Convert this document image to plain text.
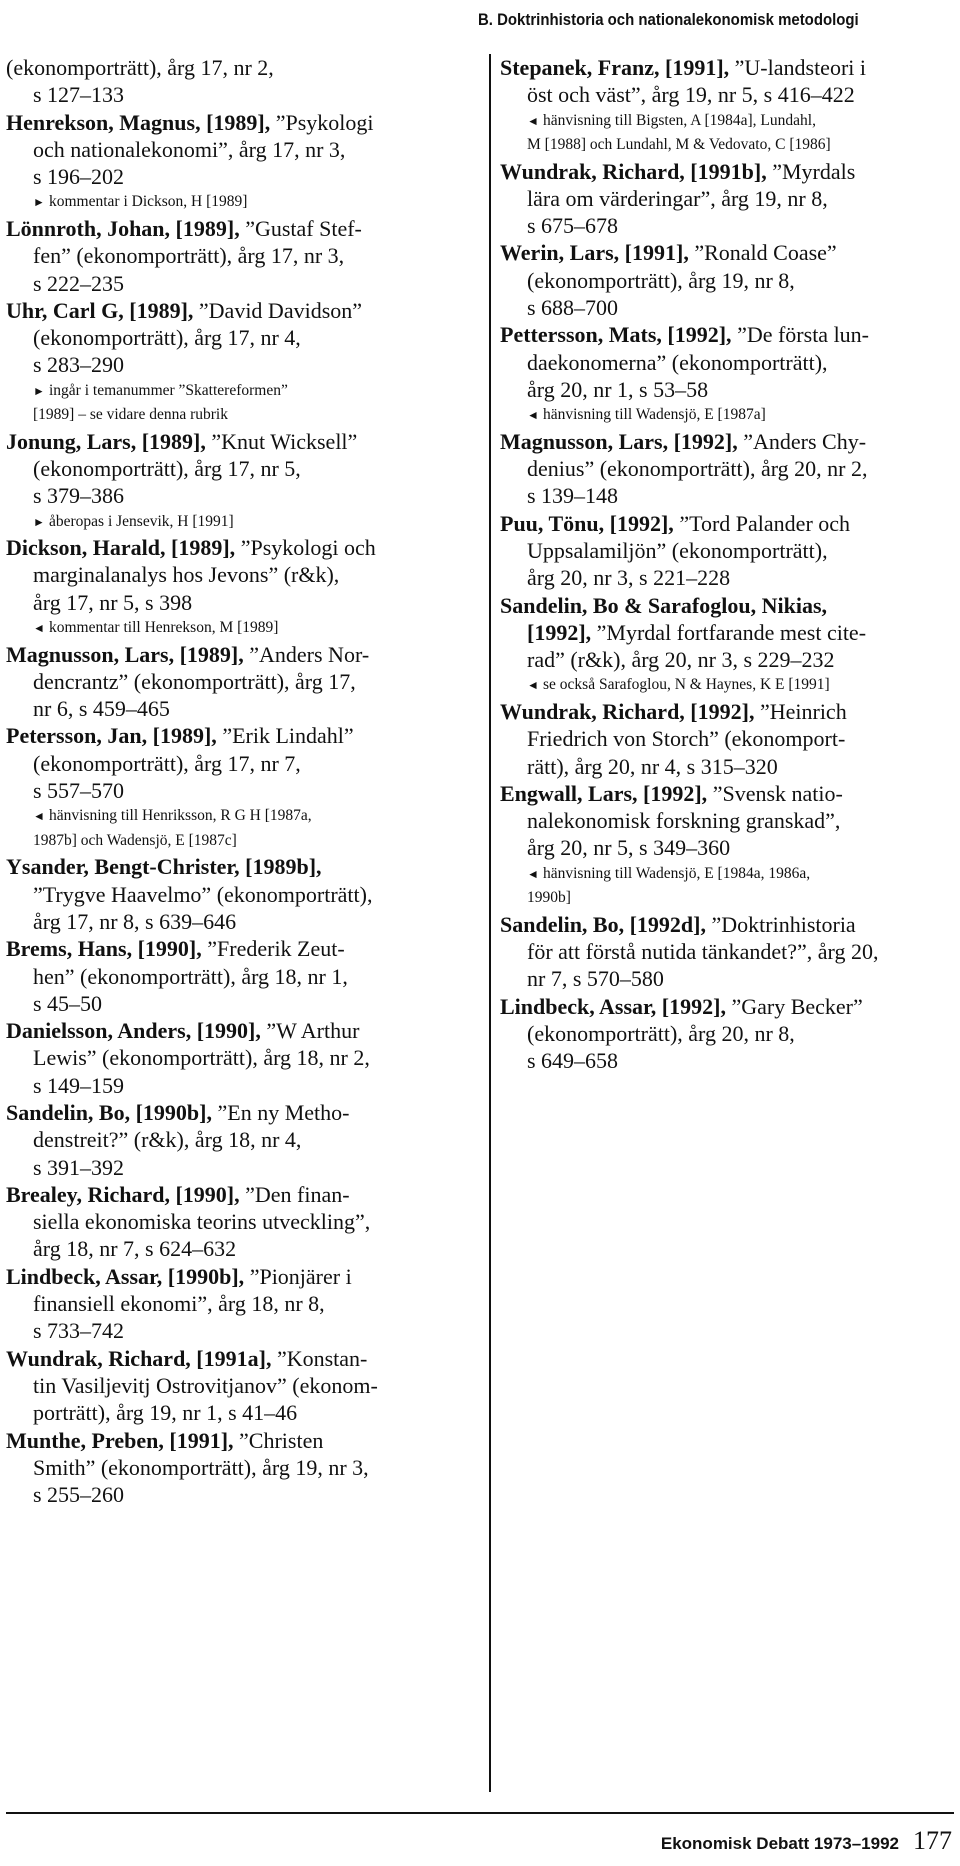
B. Doktrinhistoria och nationalekonomisk metodologi
(ekonomporträtt), årg 17, nr 2,
s 127–133
Henrekson, Magnus, [1989], ”Psykologi
och nationalekonomi”, årg 17, nr 3,
s 196–202
► kommentar i Dickson, H [1989]
Lönnroth, Johan, [1989], ”Gustaf Stef-
fen” (ekonomporträtt), årg 17, nr 3,
s 222–235
Uhr, Carl G, [1989], ”David Davidson”
(ekonomporträtt), årg 17, nr 4,
s 283–290
► ingår i temanummer ”Skattereformen”
[1989] – se vidare denna rubrik
Jonung, Lars, [1989], ”Knut Wicksell”
(ekonomporträtt), årg 17, nr 5,
s 379–386
► åberopas i Jensevik, H [1991]
Dickson, Harald, [1989], ”Psykologi och
marginalanalys hos Jevons” (r&k),
årg 17, nr 5, s 398
◄ kommentar till Henrekson, M [1989]
Magnusson, Lars, [1989], ”Anders Nor-
dencrantz” (ekonomporträtt), årg 17,
nr 6, s 459–465
Petersson, Jan, [1989], ”Erik Lindahl”
(ekonomporträtt), årg 17, nr 7,
s 557–570
◄ hänvisning till Henriksson, R G H [1987a,
1987b] och Wadensjö, E [1987c]
Ysander, Bengt-Christer, [1989b],
”Trygve Haavelmo” (ekonomporträtt),
årg 17, nr 8, s 639–646
Brems, Hans, [1990], ”Frederik Zeut-
hen” (ekonomporträtt), årg 18, nr 1,
s 45–50
Danielsson, Anders, [1990], ”W Arthur
Lewis” (ekonomporträtt), årg 18, nr 2,
s 149–159
Sandelin, Bo, [1990b], ”En ny Metho-
denstreit?” (r&k), årg 18, nr 4,
s 391–392
Brealey, Richard, [1990], ”Den finan-
siella ekonomiska teorins utveckling”,
årg 18, nr 7, s 624–632
Lindbeck, Assar, [1990b], ”Pionjärer i
finansiell ekonomi”, årg 18, nr 8,
s 733–742
Wundrak, Richard, [1991a], ”Konstan-
tin Vasiljevitj Ostrovitjanov” (ekonom-
porträtt), årg 19, nr 1, s 41–46
Munthe, Preben, [1991], ”Christen
Smith” (ekonomporträtt), årg 19, nr 3,
s 255–260
Stepanek, Franz, [1991], ”U-landsteori i
öst och väst”, årg 19, nr 5, s 416–422
◄ hänvisning till Bigsten, A [1984a], Lundahl,
M [1988] och Lundahl, M & Vedovato, C [1986]
Wundrak, Richard, [1991b], ”Myrdals
lära om värderingar”, årg 19, nr 8,
s 675–678
Werin, Lars, [1991], ”Ronald Coase”
(ekonomporträtt), årg 19, nr 8,
s 688–700
Pettersson, Mats, [1992], ”De första lun-
daekonomerna” (ekonomporträtt),
årg 20, nr 1, s 53–58
◄ hänvisning till Wadensjö, E [1987a]
Magnusson, Lars, [1992], ”Anders Chy-
denius” (ekonomporträtt), årg 20, nr 2,
s 139–148
Puu, Tönu, [1992], ”Tord Palander och
Uppsalamiljön” (ekonomporträtt),
årg 20, nr 3, s 221–228
Sandelin, Bo & Sarafoglou, Nikias,
[1992], ”Myrdal fortfarande mest cite-
rad” (r&k), årg 20, nr 3, s 229–232
◄ se också Sarafoglou, N & Haynes, K E [1991]
Wundrak, Richard, [1992], ”Heinrich
Friedrich von Storch” (ekonomport-
rätt), årg 20, nr 4, s 315–320
Engwall, Lars, [1992], ”Svensk natio-
nalekonomisk forskning granskad”,
årg 20, nr 5, s 349–360
◄ hänvisning till Wadensjö, E [1984a, 1986a,
1990b]
Sandelin, Bo, [1992d], ”Doktrinhistoria
för att förstå nutida tänkandet?”, årg 20,
nr 7, s 570–580
Lindbeck, Assar, [1992], ”Gary Becker”
(ekonomporträtt), årg 20, nr 8,
s 649–658
Ekonomisk Debatt 1973–1992 177
